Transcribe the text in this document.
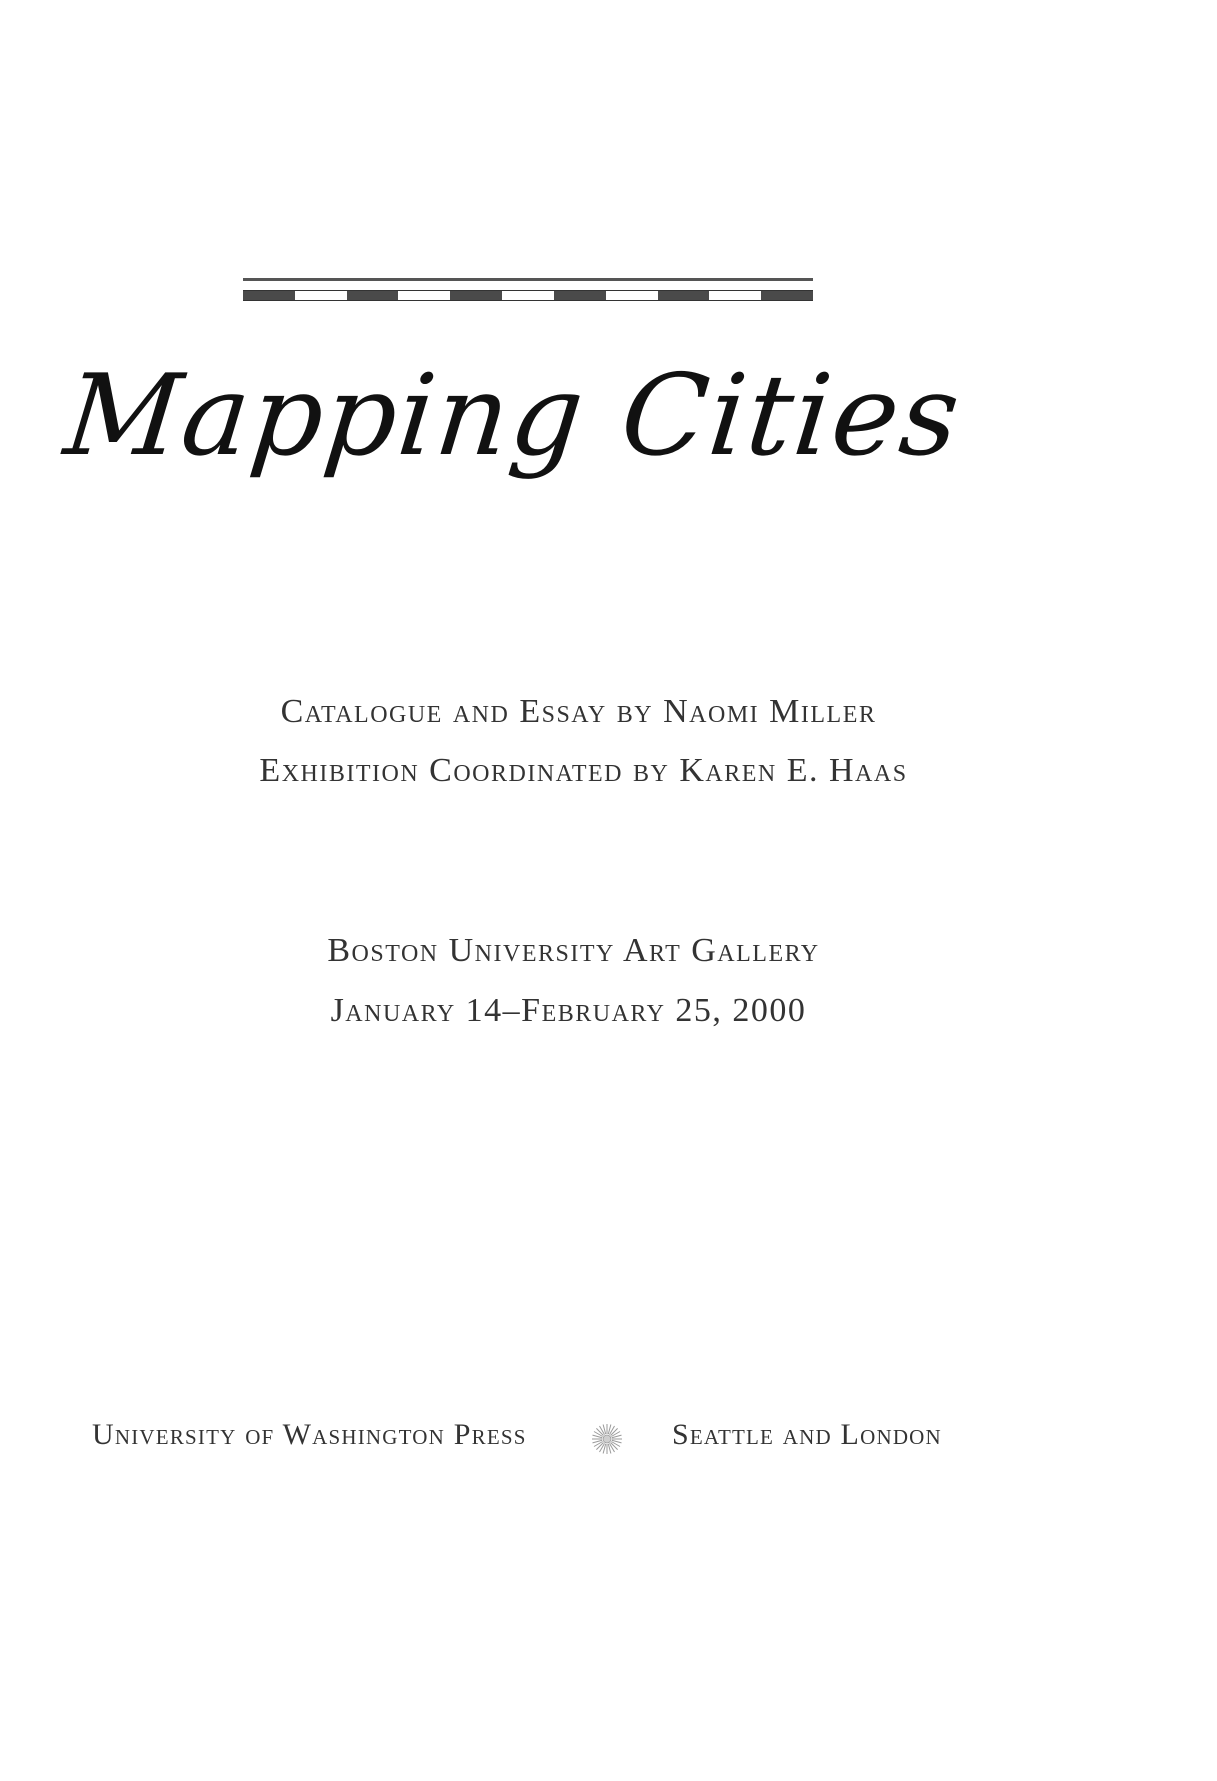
Mapping Cities
Catalogue and Essay by Naomi Miller
Exhibition Coordinated by Karen E. Haas
Boston University Art Gallery
January 14–February 25, 2000
University of Washington Press	Seattle and London
